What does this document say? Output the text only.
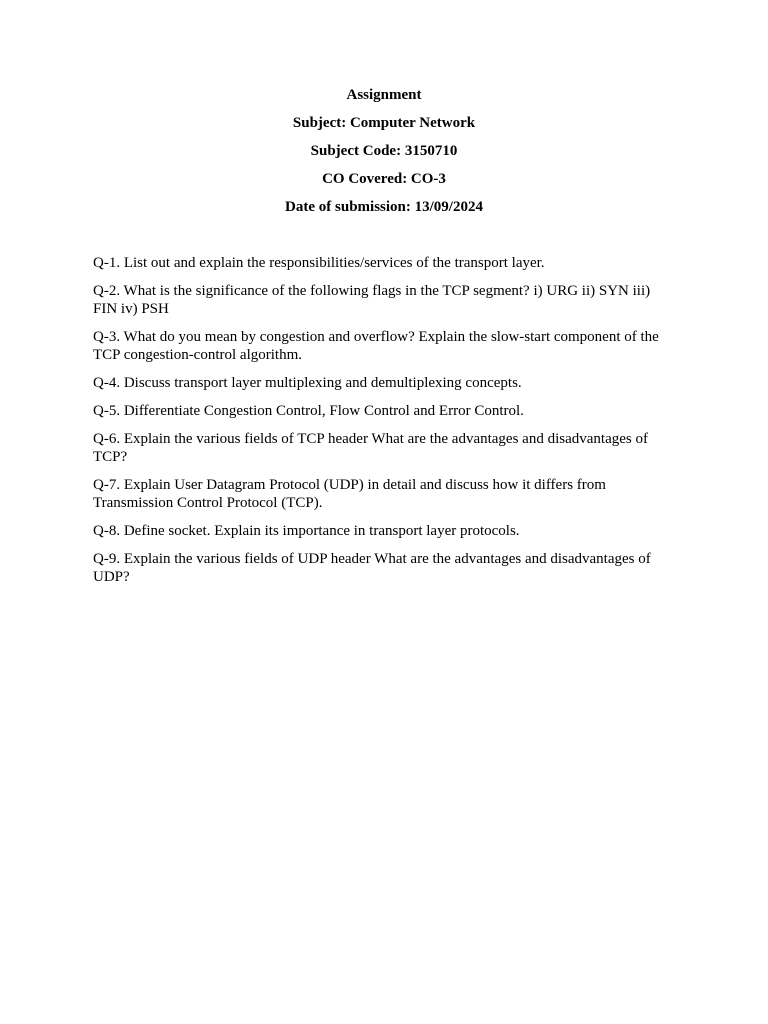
Assignment
Subject: Computer Network
Subject Code: 3150710
CO Covered: CO-3
Date of submission: 13/09/2024

Q-1. List out and explain the responsibilities/services of the transport layer.

Q-2. What is the significance of the following flags in the TCP segment? i) URG ii) SYN iii) FIN iv) PSH

Q-3. What do you mean by congestion and overflow? Explain the slow-start component of the TCP congestion-control algorithm.

Q-4. Discuss transport layer multiplexing and demultiplexing concepts.

Q-5. Differentiate Congestion Control, Flow Control and Error Control.

Q-6. Explain the various fields of TCP header What are the advantages and disadvantages of TCP?

Q-7. Explain User Datagram Protocol (UDP) in detail and discuss how it differs from Transmission Control Protocol (TCP).

Q-8. Define socket. Explain its importance in transport layer protocols.

Q-9. Explain the various fields of UDP header What are the advantages and disadvantages of UDP?
